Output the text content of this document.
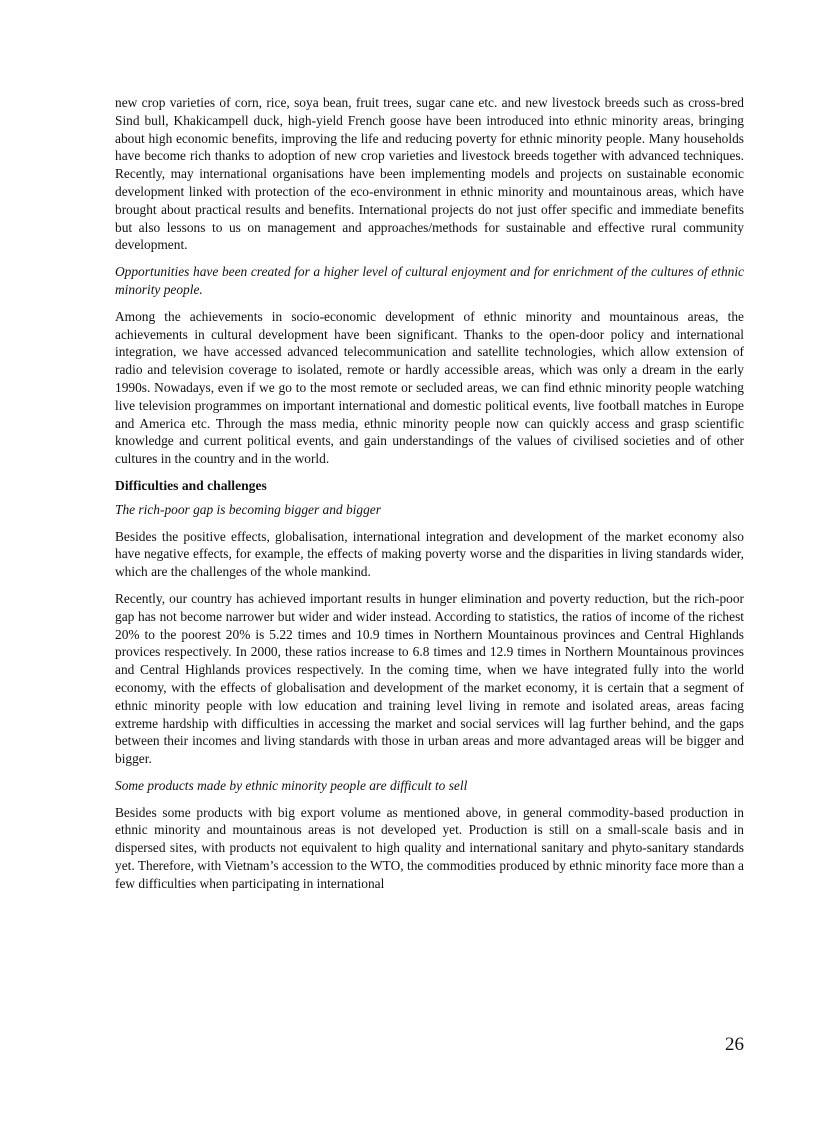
new crop varieties of corn, rice, soya bean, fruit trees, sugar cane etc. and new livestock breeds such as cross-bred Sind bull, Khakicampell duck, high-yield French goose have been introduced into ethnic minority areas, bringing about high economic benefits, improving the life and reducing poverty for ethnic minority people. Many households have become rich thanks to adoption of new crop varieties and livestock breeds together with advanced techniques. Recently, may international organisations have been implementing models and projects on sustainable economic development linked with protection of the eco-environment in ethnic minority and mountainous areas, which have brought about practical results and benefits. International projects do not just offer specific and immediate benefits but also lessons to us on management and approaches/methods for sustainable and effective rural community development.

Opportunities have been created for a higher level of cultural enjoyment and for enrichment of the cultures of ethnic minority people.

Among the achievements in socio-economic development of ethnic minority and mountainous areas, the achievements in cultural development have been significant. Thanks to the open-door policy and international integration, we have accessed advanced telecommunication and satellite technologies, which allow extension of radio and television coverage to isolated, remote or hardly accessible areas, which was only a dream in the early 1990s. Nowadays, even if we go to the most remote or secluded areas, we can find ethnic minority people watching live television programmes on important international and domestic political events, live football matches in Europe and America etc. Through the mass media, ethnic minority people now can quickly access and grasp scientific knowledge and current political events, and gain understandings of the values of civilised societies and of other cultures in the country and in the world.

Difficulties and challenges

The rich-poor gap is becoming bigger and bigger

Besides the positive effects, globalisation, international integration and development of the market economy also have negative effects, for example, the effects of making poverty worse and the disparities in living standards wider, which are the challenges of the whole mankind.

Recently, our country has achieved important results in hunger elimination and poverty reduction, but the rich-poor gap has not become narrower but wider and wider instead. According to statistics, the ratios of income of the richest 20% to the poorest 20% is 5.22 times and 10.9 times in Northern Mountainous provinces and Central Highlands provices respectively. In 2000, these ratios increase to 6.8 times and 12.9 times in Northern Mountainous provinces and Central Highlands provices respectively. In the coming time, when we have integrated fully into the world economy, with the effects of globalisation and development of the market economy, it is certain that a segment of ethnic minority people with low education and training level living in remote and isolated areas, areas facing extreme hardship with difficulties in accessing the market and social services will lag further behind, and the gaps between their incomes and living standards with those in urban areas and more advantaged areas will be bigger and bigger.

Some products made by ethnic minority people are difficult to sell

Besides some products with big export volume as mentioned above, in general commodity-based production in ethnic minority and mountainous areas is not developed yet. Production is still on a small-scale basis and in dispersed sites, with products not equivalent to high quality and international sanitary and phyto-sanitary standards yet. Therefore, with Vietnam’s accession to the WTO, the commodities produced by ethnic minority face more than a few difficulties when participating in international

26
